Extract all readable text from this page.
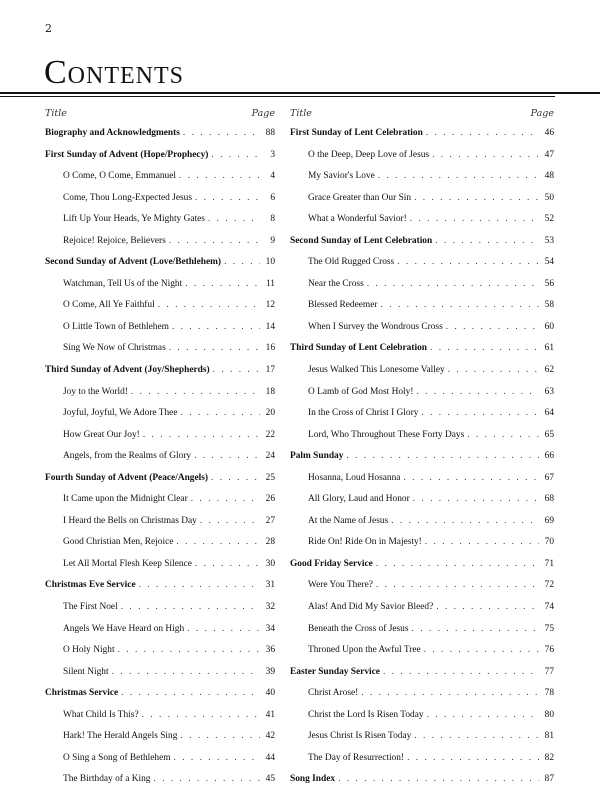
2
Contents
Title	Page
Biography and Acknowledgments . . .	88
First Sunday of Advent (Hope/Prophecy) . . .	3
O Come, O Come, Emmanuel . . .	4
Come, Thou Long-Expected Jesus . . .	6
Lift Up Your Heads, Ye Mighty Gates . . .	8
Rejoice! Rejoice, Believers . . .	9
Second Sunday of Advent (Love/Bethlehem) . . .	10
Watchman, Tell Us of the Night . . .	11
O Come, All Ye Faithful . . .	12
O Little Town of Bethlehem . . .	14
Sing We Now of Christmas . . .	16
Third Sunday of Advent (Joy/Shepherds) . . .	17
Joy to the World! . . .	18
Joyful, Joyful, We Adore Thee . . .	20
How Great Our Joy! . . .	22
Angels, from the Realms of Glory . . .	24
Fourth Sunday of Advent (Peace/Angels) . . .	25
It Came upon the Midnight Clear . . .	26
I Heard the Bells on Christmas Day . . .	27
Good Christian Men, Rejoice . . .	28
Let All Mortal Flesh Keep Silence . . .	30
Christmas Eve Service . . .	31
The First Noel . . .	32
Angels We Have Heard on High . . .	34
O Holy Night . . .	36
Silent Night . . .	39
Christmas Service . . .	40
What Child Is This? . . .	41
Hark! The Herald Angels Sing . . .	42
O Sing a Song of Bethlehem . . .	44
The Birthday of a King . . .	45
Title	Page
First Sunday of Lent Celebration . . .	46
O the Deep, Deep Love of Jesus . . .	47
My Savior's Love . . .	48
Grace Greater than Our Sin . . .	50
What a Wonderful Savior! . . .	52
Second Sunday of Lent Celebration . . .	53
The Old Rugged Cross . . .	54
Near the Cross . . .	56
Blessed Redeemer . . .	58
When I Survey the Wondrous Cross . . .	60
Third Sunday of Lent Celebration . . .	61
Jesus Walked This Lonesome Valley . . .	62
O Lamb of God Most Holy! . . .	63
In the Cross of Christ I Glory . . .	64
Lord, Who Throughout These Forty Days . . .	65
Palm Sunday . . .	66
Hosanna, Loud Hosanna . . .	67
All Glory, Laud and Honor . . .	68
At the Name of Jesus . . .	69
Ride On! Ride On in Majesty! . . .	70
Good Friday Service . . .	71
Were You There? . . .	72
Alas! And Did My Savior Bleed? . . .	74
Beneath the Cross of Jesus . . .	75
Throned Upon the Awful Tree . . .	76
Easter Sunday Service . . .	77
Christ Arose! . . .	78
Christ the Lord Is Risen Today . . .	80
Jesus Christ Is Risen Today . . .	81
The Day of Resurrection! . . .	82
Song Index . . .	87
